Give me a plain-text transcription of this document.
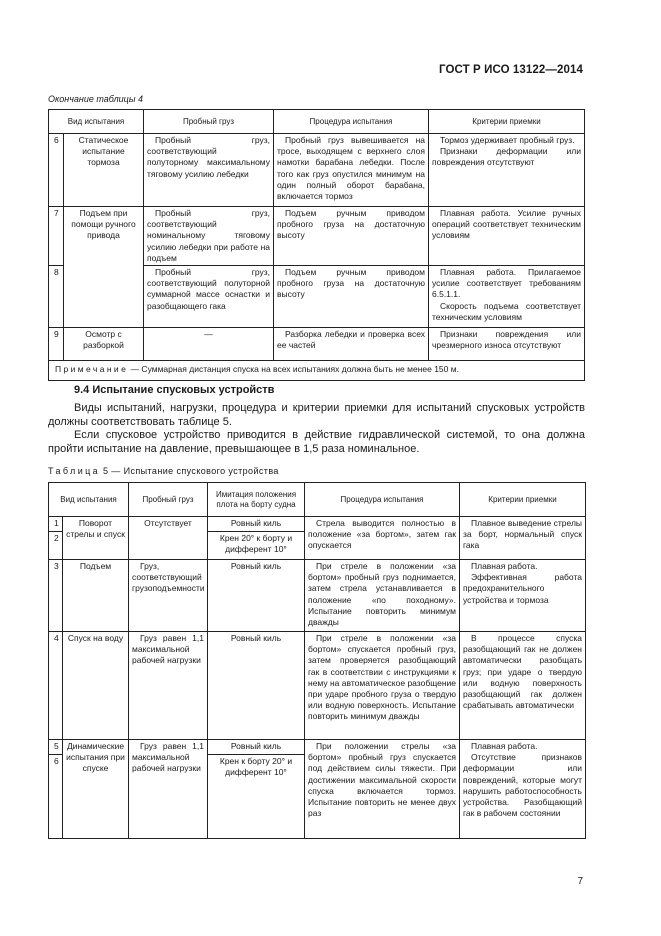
ГОСТ Р ИСО 13122—2014
Окончание таблицы 4
Вид испытания		Пробный груз	Процедура испытания	Критерии приемки
6	Статическое испытание тормоза	Пробный груз, соответствующий полуторному максимальному тяговому усилию лебедки	Пробный груз вывешивается на тросе, выходящем с верхнего слоя намотки барабана лебедки. После того как груз опустился минимум на один полный оборот барабана, включается тормоз	Тормоз удерживает пробный груз.
Признаки деформации или повреждения отсутствуют

7	Подъем при помощи ручного привода	Пробный груз, соответствующий номинальному тяговому усилию лебедки при работе на подъем	Подъем ручным приводом пробного груза на достаточную высоту	Плавная работа. Усилие ручных операций соответствует техническим условиям
8		Пробный груз, соответствующий полуторной суммарной массе оснастки и разобщающего гака	Подъем ручным приводом пробного груза на достаточную высоту	Плавная работа. Прилагаемое усилие соответствует требованиям 6.5.1.1.
Скорость подъема соответствует техническим условиям

9	Осмотр с разборкой	—	Разборка лебедки и проверка всех ее частей	Признаки повреждения или чрезмерного износа отсутствуют
Примечание — Суммарная дистанция спуска на всех испытаниях должна быть не менее 150 м.				
9.4 Испытание спусковых устройств

Виды испытаний, нагрузки, процедура и критерии приемки для испытаний спусковых устройств должны соответствовать таблице 5.

Если спусковое устройство приводится в действие гидравлической системой, то она должна пройти испытание на давление, превышающее в 1,5 раза номинальное.

Таблица 5 — Испытание спускового устройства
Вид испытания		Пробный груз	Имитация положения плота на борту судна	Процедура испытания	Критерии приемки
1	Поворот стрелы и спуск	Отсутствует	Ровный киль	Стрела выводится полностью в положение «за бортом», затем гак опускается	Плавное выведение стрелы за борт, нормальный спуск гака
2			Крен 20° к борту и дифферент 10°		
3	Подъем	Груз, соответствующий грузоподъемности	Ровный киль	При стреле в положении «за бортом» пробный груз поднимается, затем стрела устанавливается в положение «по походному». Испытание повторить минимум дважды	Плавная работа.
Эффективная работа предохранительного устройства и тормоза

4	Спуск на воду	Груз равен 1,1 максимальной рабочей нагрузки	Ровный киль	При стреле в положении «за бортом» спускается пробный груз, затем проверяется разобщающий гак в соответствии с инструкциями к нему на автоматическое разобщение при ударе пробного груза о твердую или водную поверхность. Испытание повторить минимум дважды	В процессе спуска разобщающий гак не должен автоматически разобщать груз; при ударе о твердую или водную поверхность разобщающий гак должен срабатывать автоматически
5	Динамические испытания при спуске	Груз равен 1,1 максимальной рабочей нагрузки	Ровный киль	При положении стрелы «за бортом» пробный груз спускается под действием силы тяжести. При достижении максимальной скорости спуска включается тормоз. Испытание повторить не менее двух раз	Плавная работа.
Отсутствие признаков деформации или повреждений, которые могут нарушить работоспособность устройства. Разобщающий гак в рабочем состоянии

6			Крен к борту 20° и дифферент 10°		
7
